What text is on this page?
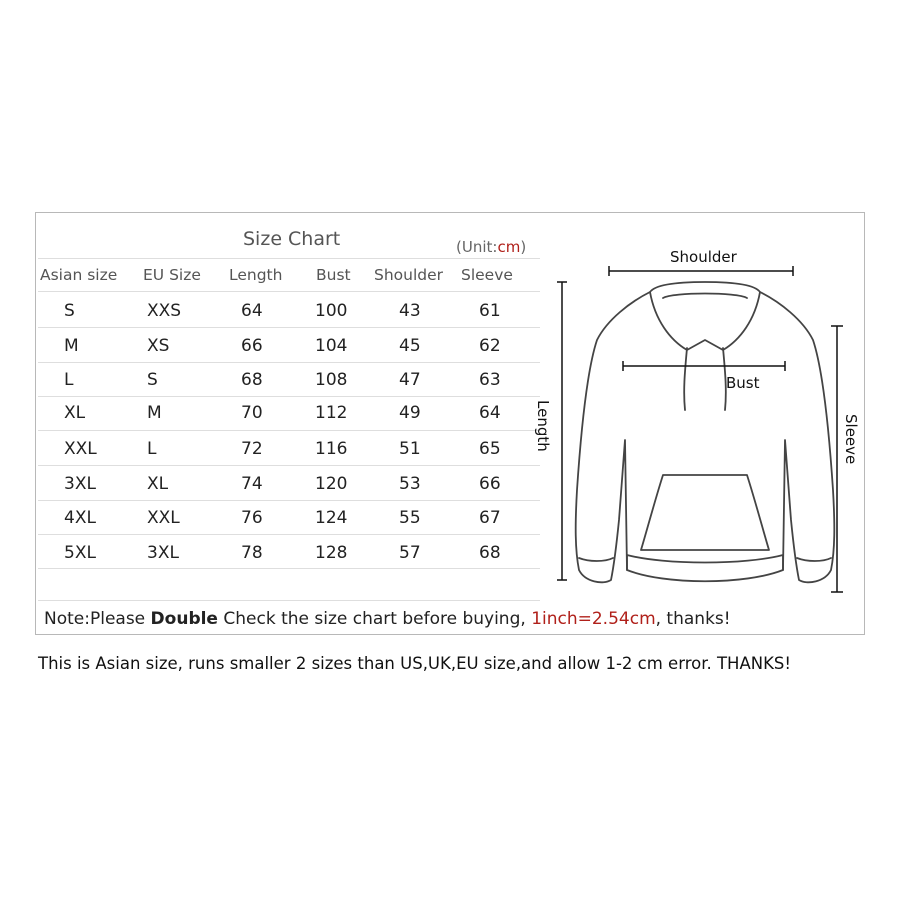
Size Chart	(Unit:cm)
Asian size EU Size Length Bust Shoulder Sleeve
S	XXS	64	100	43	61
M	XS	66	104	45	62
L	S	68	108	47	63
XL	M	70	112	49	64
XXL	L	72	116	51	65
3XL	XL	74	120	53	66
4XL	XXL	76	124	55	67
5XL	3XL	78	128	57	68
Shoulder
Bust
Length	Sleeve
Note:Please Double Check the size chart before buying, 1inch=2.54cm, thanks!
This is Asian size, runs smaller 2 sizes than US,UK,EU size,and allow 1-2 cm error. THANKS!
